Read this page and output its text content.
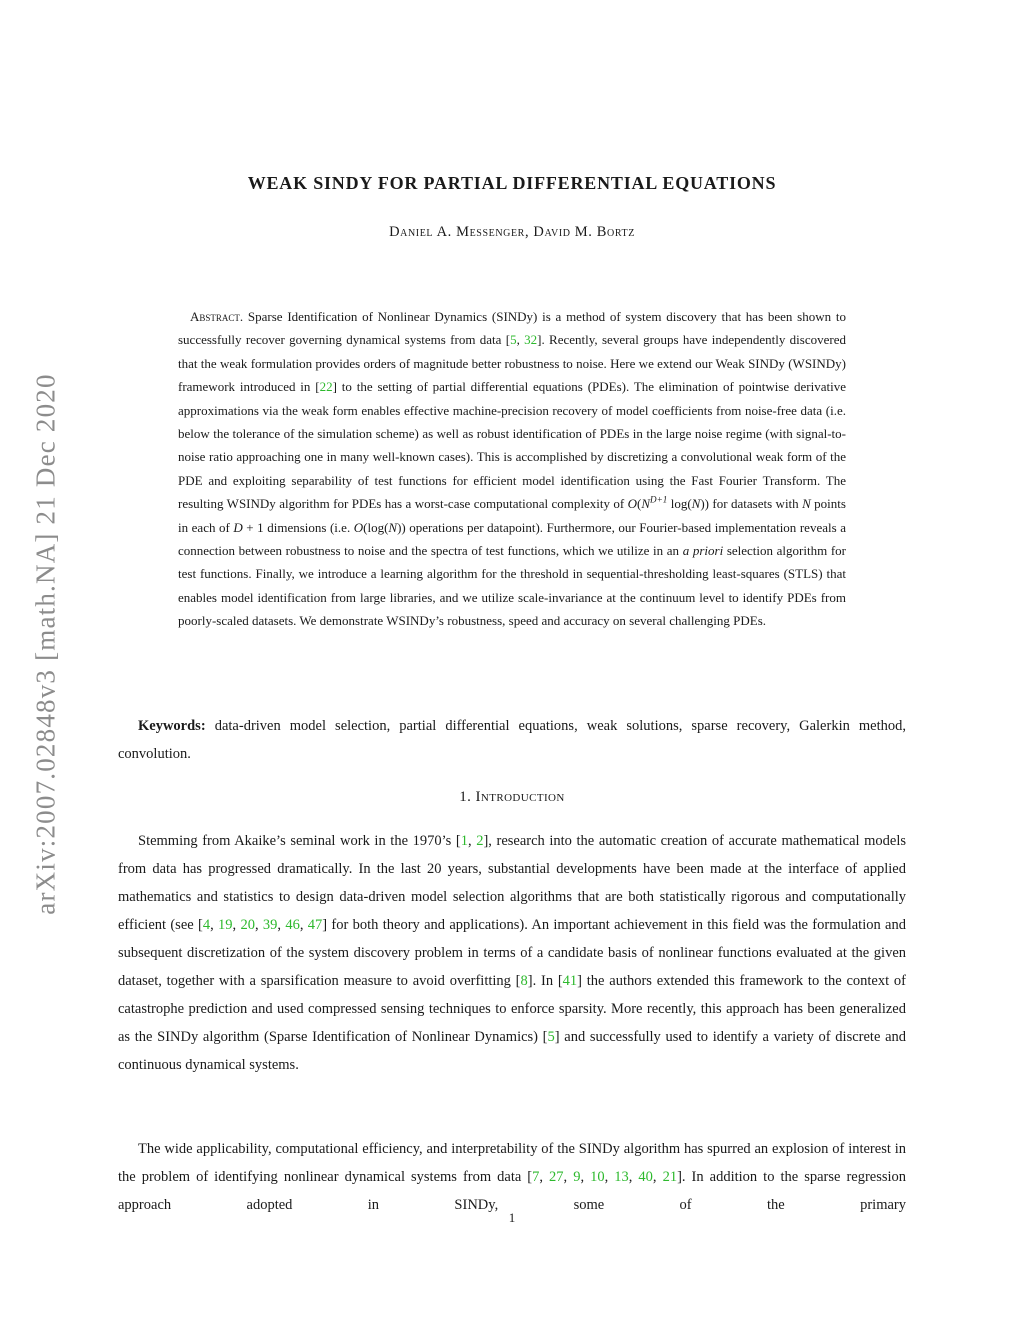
arXiv:2007.02848v3 [math.NA] 21 Dec 2020
WEAK SINDY FOR PARTIAL DIFFERENTIAL EQUATIONS
Daniel A. Messenger, David M. Bortz
Abstract. Sparse Identification of Nonlinear Dynamics (SINDy) is a method of system discovery that has been shown to successfully recover governing dynamical systems from data [5, 32]. Recently, several groups have independently discovered that the weak formulation provides orders of magnitude better robustness to noise. Here we extend our Weak SINDy (WSINDy) framework introduced in [22] to the setting of partial differential equations (PDEs). The elimination of pointwise derivative approximations via the weak form enables effective machine-precision recovery of model coefficients from noise-free data (i.e. below the tolerance of the simulation scheme) as well as robust identification of PDEs in the large noise regime (with signal-to-noise ratio approaching one in many well-known cases). This is accomplished by discretizing a convolutional weak form of the PDE and exploiting separability of test functions for efficient model identification using the Fast Fourier Transform. The resulting WSINDy algorithm for PDEs has a worst-case computational complexity of $O(N^{D+1}$ log(N)) for datasets with N points in each of D + 1 dimensions (i.e. O(log(N)) operations per datapoint). Furthermore, our Fourier-based implementation reveals a connection between robustness to noise and the spectra of test functions, which we utilize in an a priori selection algorithm for test functions. Finally, we introduce a learning algorithm for the threshold in sequential-thresholding least-squares (STLS) that enables model identification from large libraries, and we utilize scale-invariance at the continuum level to identify PDEs from poorly-scaled datasets. We demonstrate WSINDy’s robustness, speed and accuracy on several challenging PDEs.
Keywords: data-driven model selection, partial differential equations, weak solutions, sparse recovery, Galerkin method, convolution.
1. Introduction
Stemming from Akaike’s seminal work in the 1970’s [1, 2], research into the automatic creation of accurate mathematical models from data has progressed dramatically. In the last 20 years, substantial developments have been made at the interface of applied mathematics and statistics to design data-driven model selection algorithms that are both statistically rigorous and computationally efficient (see [4, 19, 20, 39, 46, 47] for both theory and applications). An important achievement in this field was the formulation and subsequent discretization of the system discovery problem in terms of a candidate basis of nonlinear functions evaluated at the given dataset, together with a sparsification measure to avoid overfitting [8]. In [41] the authors extended this framework to the context of catastrophe prediction and used compressed sensing techniques to enforce sparsity. More recently, this approach has been generalized as the SINDy algorithm (Sparse Identification of Nonlinear Dynamics) [5] and successfully used to identify a variety of discrete and continuous dynamical systems.
The wide applicability, computational efficiency, and interpretability of the SINDy algorithm has spurred an explosion of interest in the problem of identifying nonlinear dynamical systems from data [7, 27, 9, 10, 13, 40, 21]. In addition to the sparse regression approach adopted in SINDy, some of the primary
1
